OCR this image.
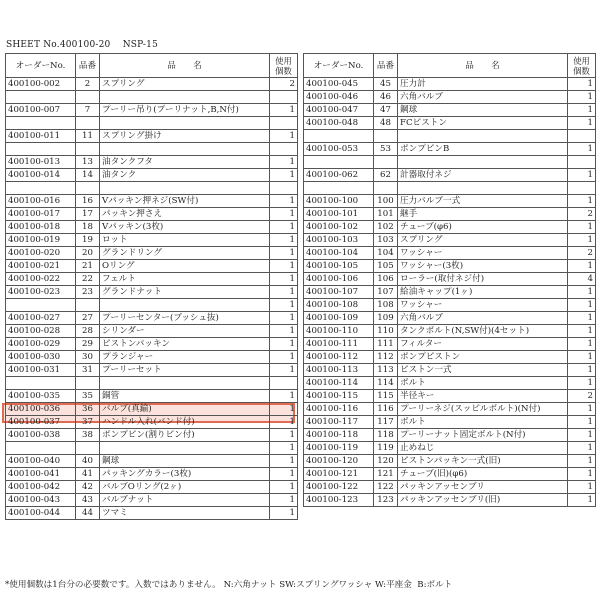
SHEET No.400100-20    NSP-15
オーダーNo.	品番	品　　名	使用
個数
400100-002	2	スプリング	2

400100-007	7	プーリー吊り(プーリナット,B,N付)	1

400100-011	11	スプリング掛け	1

400100-013	13	油タンクフタ	1
400100-014	14	油タンク	1

400100-016	16	Vパッキン押ネジ(SW付)	1
400100-017	17	パッキン押さえ	1
400100-018	18	Vパッキン(3枚)	1
400100-019	19	ロット	1
400100-020	20	グランドリング	1
400100-021	21	Oリング	1
400100-022	22	フェルト	1
400100-023	23	グランドナット	1
			1
400100-027	27	プーリーセンター(ブッシュ抜)	1
400100-028	28	シリンダー	1
400100-029	29	ピストンパッキン	1
400100-030	30	プランジャー	1
400100-031	31	プーリーセット	1

400100-035	35	銅管	1
400100-036	36	バルブ(真鍮)	1
400100-037	37	ハンドル入れ(バンド付)	1
400100-038	38	ポンプピン(割りピン付)	1
			1
400100-040	40	鋼球	1
400100-041	41	パッキングカラー(3枚)	1
400100-042	42	バルブOリング(2ヶ)	1
400100-043	43	バルブナット	1
400100-044	44	ツマミ	1
オーダーNo.	品番	品　　名	使用
個数
400100-045	45	圧力計	1
400100-046	46	六角バルブ	1
400100-047	47	鋼球	1
400100-048	48	FCピストン	1

400100-053	53	ポンプピンB	1

400100-062	62	計器取付ネジ	1

400100-100	100	圧力バルブ一式	1
400100-101	101	継手	2
400100-102	102	チューブ(φ6)	1
400100-103	103	スプリング	1
400100-104	104	ワッシャー	2
400100-105	105	ワッシャー(3枚)	1
400100-106	106	ローラー(取付ネジ付)	4
400100-107	107	給油キャップ(1ヶ)	1
400100-108	108	ワッシャー	1
400100-109	109	六角バルブ	1
400100-110	110	タンクボルト(N,SW付)(4セット)	1
400100-111	111	フィルター	1
400100-112	112	ポンプピストン	1
400100-113	113	ピストン一式	1
400100-114	114	ボルト	1
400100-115	115	半径キー	2
400100-116	116	プーリーネジ(スッピルボルト)(N付)	1
400100-117	117	ボルト	1
400100-118	118	プーリーナット固定ボルト(N付)	1
400100-119	119	止めねじ	1
400100-120	120	ピストンパッキン一式(旧)	1
400100-121	121	チューブ(旧)(φ6)	1
400100-122	122	パッキンアッセンブリ	1
400100-123	123	パッキンアッセンブリ(旧)	1
*使用個数は1台分の必要数です。入数ではありません。 N:六角ナット SW:スプリングワッシャ W:平座金  B:ボルト
